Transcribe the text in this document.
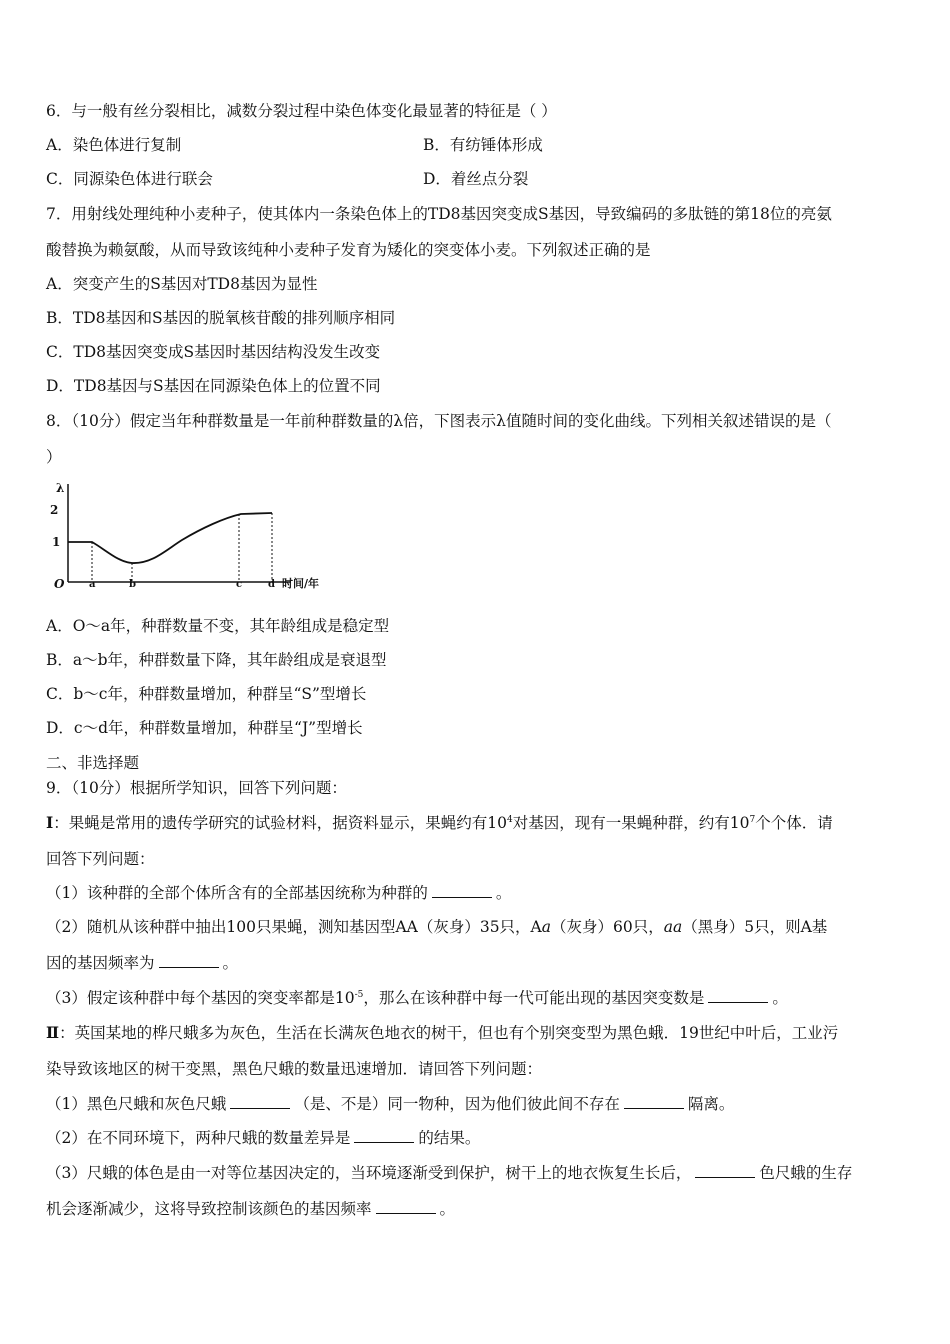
6．与一般有丝分裂相比，减数分裂过程中染色体变化最显著的特征是（ ）
A．染色体进行复制	B．有纺锤体形成
C．同源染色体进行联会	D．着丝点分裂
7．用射线处理纯种小麦种子，使其体内一条染色体上的TD8基因突变成S基因，导致编码的多肽链的第18位的亮氨
酸替换为赖氨酸，从而导致该纯种小麦种子发育为矮化的突变体小麦。下列叙述正确的是
A．突变产生的S基因对TD8基因为显性
B．TD8基因和S基因的脱氧核苷酸的排列顺序相同
C．TD8基因突变成S基因时基因结构没发生改变
D．TD8基因与S基因在同源染色体上的位置不同
8．（10分）假定当年种群数量是一年前种群数量的λ倍，下图表示λ值随时间的变化曲线。下列相关叙述错误的是（
）
λ
2
1
O a	b	c	d 时间/年
A．O～a年，种群数量不变，其年龄组成是稳定型
B．a～b年，种群数量下降，其年龄组成是衰退型
C．b～c年，种群数量增加，种群呈“S”型增长
D．c～d年，种群数量增加，种群呈“J”型增长
二、非选择题
9．（10分）根据所学知识，回答下列问题：
Ⅰ：果蝇是常用的遗传学研究的试验材料，据资料显示，果蝇约有$10^4$对基因，现有一果蝇种群，约有$10^7$个个体．请
回答下列问题：
（1）该种群的全部个体所含有的全部基因统称为种群的	。
（2）随机从该种群中抽出100只果蝇，测知基因型AA（灰身）35只，Aa（灰身）60只，aa（黑身）5只，则A基
因的基因频率为	。
（3）假定该种群中每个基因的突变率都是$10^{-5}$，那么在该种群中每一代可能出现的基因突变数是	。
Ⅱ：英国某地的桦尺蛾多为灰色，生活在长满灰色地衣的树干，但也有个别突变型为黑色蛾．19世纪中叶后，工业污
染导致该地区的树干变黑，黑色尺蛾的数量迅速增加．请回答下列问题：
（1）黑色尺蛾和灰色尺蛾	（是、不是）同一物种，因为他们彼此间不存在	隔离。
（2）在不同环境下，两种尺蛾的数量差异是	的结果。
（3）尺蛾的体色是由一对等位基因决定的，当环境逐渐受到保护，树干上的地衣恢复生长后，	色尺蛾的生存
机会逐渐减少，这将导致控制该颜色的基因频率	。
